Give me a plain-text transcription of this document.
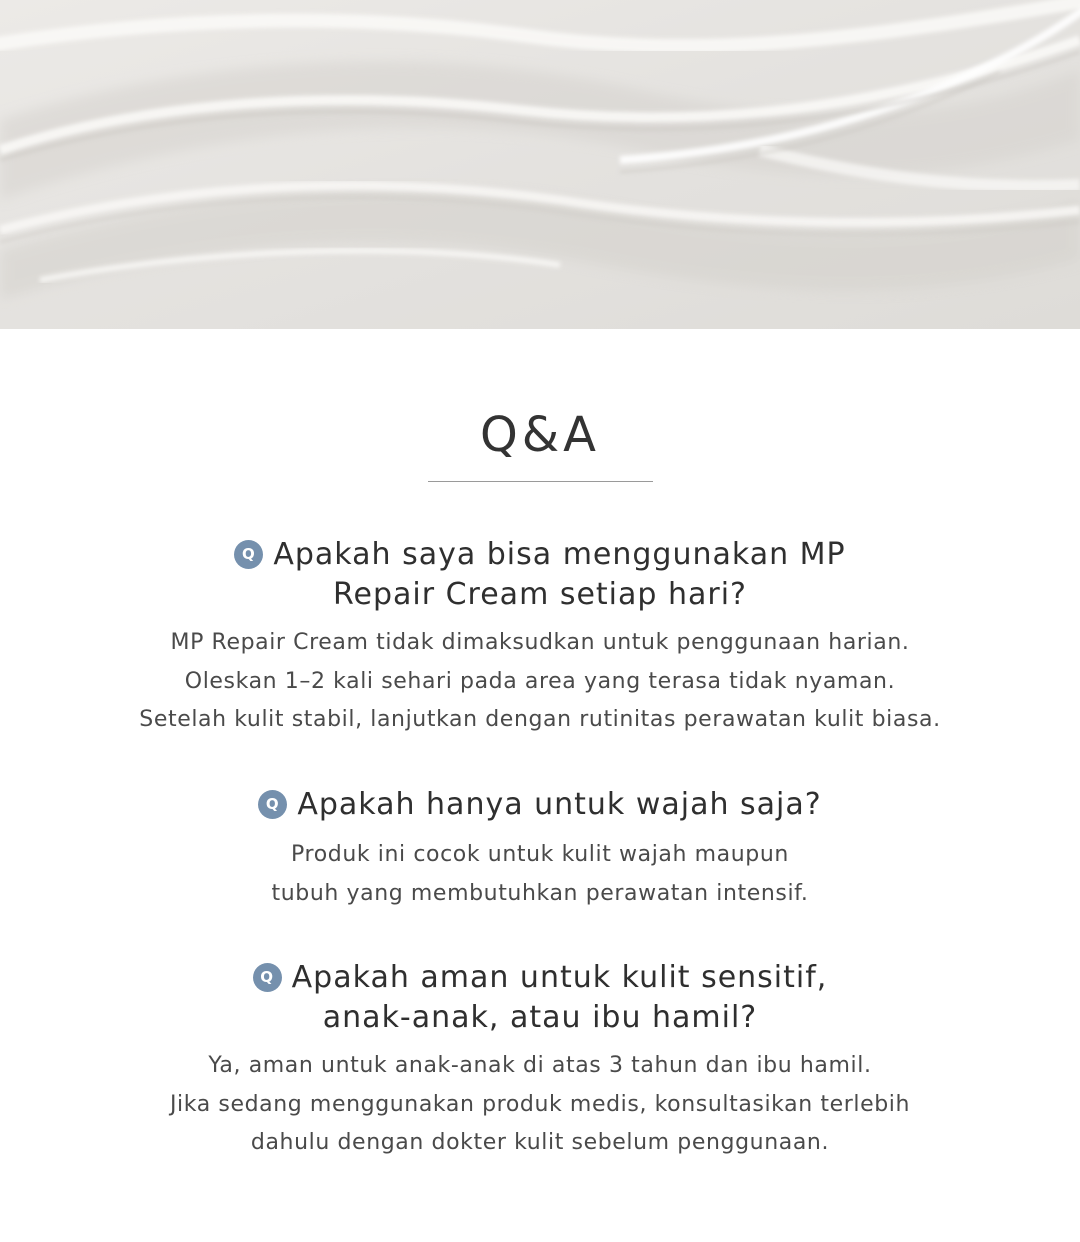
Q&A
Q Apakah saya bisa menggunakan MP
Repair Cream setiap hari?
MP Repair Cream tidak dimaksudkan untuk penggunaan harian.
Oleskan 1–2 kali sehari pada area yang terasa tidak nyaman.
Setelah kulit stabil, lanjutkan dengan rutinitas perawatan kulit biasa.
Q Apakah hanya untuk wajah saja?
Produk ini cocok untuk kulit wajah maupun
tubuh yang membutuhkan perawatan intensif.
Q Apakah aman untuk kulit sensitif,
anak-anak, atau ibu hamil?
Ya, aman untuk anak-anak di atas 3 tahun dan ibu hamil.
Jika sedang menggunakan produk medis, konsultasikan terlebih
dahulu dengan dokter kulit sebelum penggunaan.
